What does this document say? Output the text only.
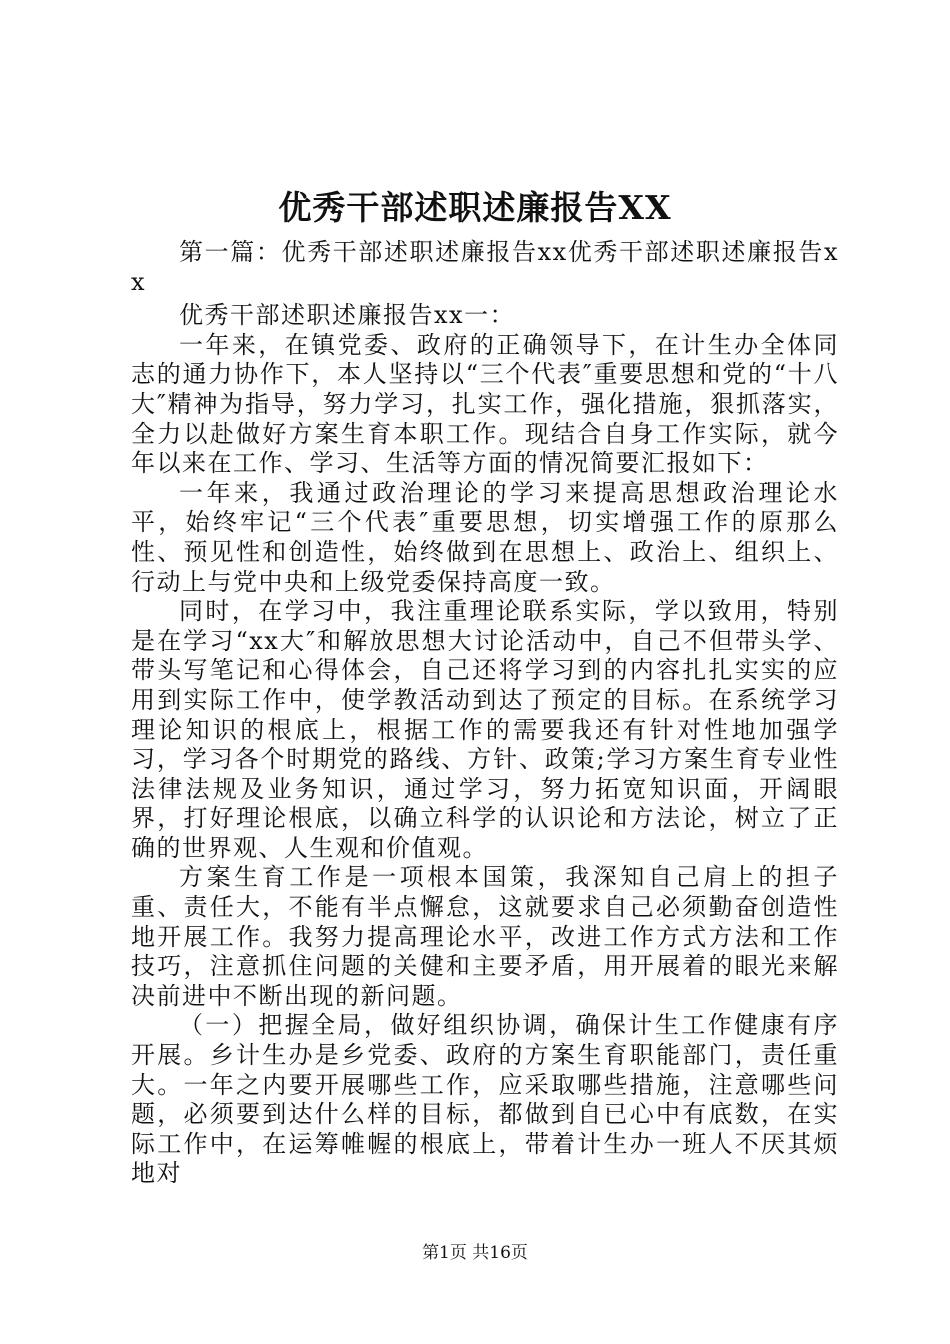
优秀干部述职述廉报告XX

第一篇：优秀干部述职述廉报告xx优秀干部述职述廉报告xx

优秀干部述职述廉报告xx一：

一年来，在镇党委、政府的正确领导下，在计生办全体同志的通力协作下，本人坚持以“三个代表″重要思想和党的“十八大″精神为指导，努力学习，扎实工作，强化措施，狠抓落实，全力以赴做好方案生育本职工作。现结合自身工作实际，就今年以来在工作、学习、生活等方面的情况简要汇报如下：

一年来，我通过政治理论的学习来提高思想政治理论水平，始终牢记“三个代表″重要思想，切实增强工作的原那么性、预见性和创造性，始终做到在思想上、政治上、组织上、行动上与党中央和上级党委保持高度一致。

同时，在学习中，我注重理论联系实际，学以致用，特别是在学习“xx大″和解放思想大讨论活动中，自己不但带头学、带头写笔记和心得体会，自己还将学习到的内容扎扎实实的应用到实际工作中，使学教活动到达了预定的目标。在系统学习理论知识的根底上，根据工作的需要我还有针对性地加强学习，学习各个时期党的路线、方针、政策;学习方案生育专业性法律法规及业务知识，通过学习，努力拓宽知识面，开阔眼界，打好理论根底，以确立科学的认识论和方法论，树立了正确的世界观、人生观和价值观。

方案生育工作是一项根本国策，我深知自己肩上的担子重、责任大，不能有半点懈怠，这就要求自己必须勤奋创造性地开展工作。我努力提高理论水平，改进工作方式方法和工作技巧，注意抓住问题的关健和主要矛盾，用开展着的眼光来解决前进中不断出现的新问题。

（一）把握全局，做好组织协调，确保计生工作健康有序开展。乡计生办是乡党委、政府的方案生育职能部门，责任重大。一年之内要开展哪些工作，应采取哪些措施，注意哪些问题，必须要到达什么样的目标，都做到自已心中有底数，在实际工作中，在运筹帷幄的根底上，带着计生办一班人不厌其烦地对

第1页 共16页
